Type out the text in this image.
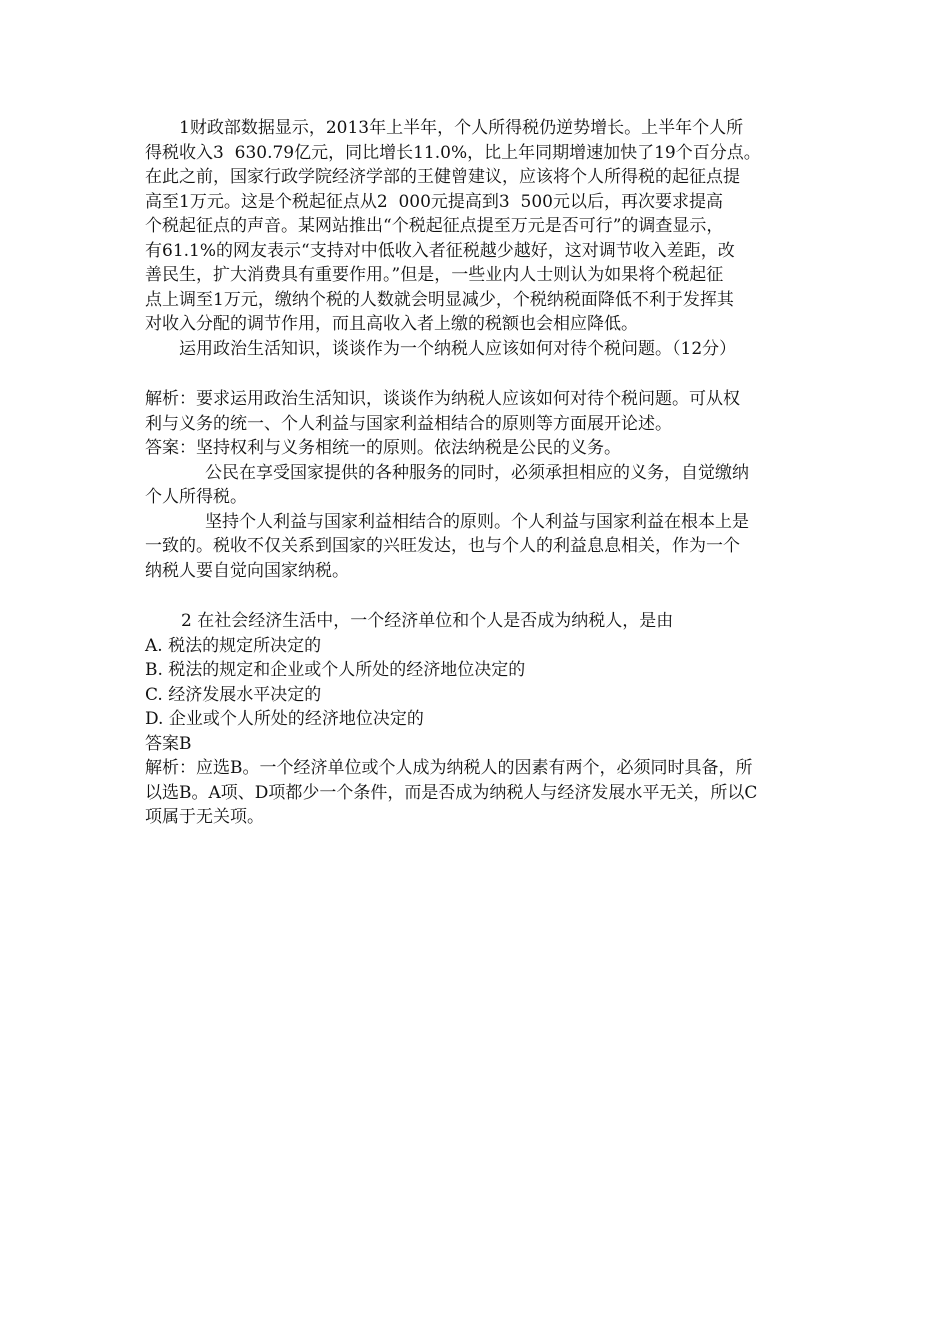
1财政部数据显示，2013年上半年，个人所得税仍逆势增长。上半年个人所

得税收入3  630.79亿元，同比增长11.0%，比上年同期增速加快了19个百分点。

在此之前，国家行政学院经济学部的王健曾建议，应该将个人所得税的起征点提

高至1万元。这是个税起征点从2  000元提高到3  500元以后，再次要求提高

个税起征点的声音。某网站推出“个税起征点提至万元是否可行”的调查显示，

有61.1%的网友表示“支持对中低收入者征税越少越好，这对调节收入差距，改

善民生，扩大消费具有重要作用。”但是，一些业内人士则认为如果将个税起征

点上调至1万元，缴纳个税的人数就会明显减少，个税纳税面降低不利于发挥其

对收入分配的调节作用，而且高收入者上缴的税额也会相应降低。

运用政治生活知识，谈谈作为一个纳税人应该如何对待个税问题。（12分）

解析：要求运用政治生活知识，谈谈作为纳税人应该如何对待个税问题。可从权

利与义务的统一、个人利益与国家利益相结合的原则等方面展开论述。

答案：坚持权利与义务相统一的原则。依法纳税是公民的义务。

公民在享受国家提供的各种服务的同时，必须承担相应的义务，自觉缴纳

个人所得税。

坚持个人利益与国家利益相结合的原则。个人利益与国家利益在根本上是

一致的。税收不仅关系到国家的兴旺发达，也与个人的利益息息相关，作为一个

纳税人要自觉向国家纳税。

2 在社会经济生活中，一个经济单位和个人是否成为纳税人，是由

A. 税法的规定所决定的

B. 税法的规定和企业或个人所处的经济地位决定的

C. 经济发展水平决定的

D. 企业或个人所处的经济地位决定的

答案B

解析：应选B。一个经济单位或个人成为纳税人的因素有两个，必须同时具备，所

以选B。A项、D项都少一个条件，而是否成为纳税人与经济发展水平无关，所以C

项属于无关项。
